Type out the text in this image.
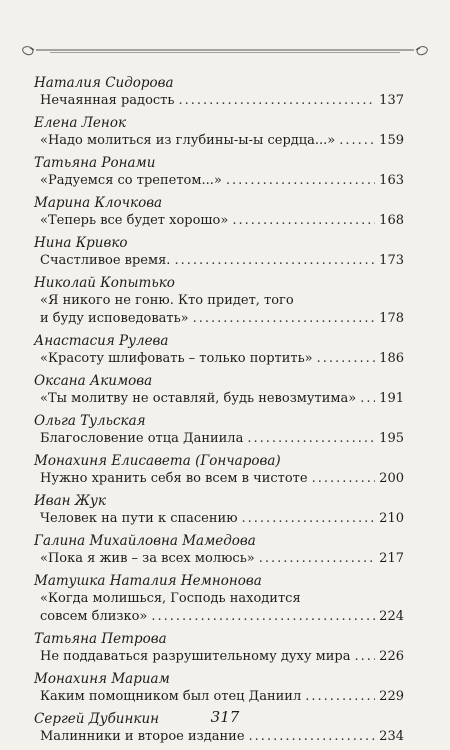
Наталия Сидорова
Нечаянная радость .....	137
Елена Ленок
«Надо молиться из глубины-ы-ы сердца...» .....	159
Татьяна Ронами
«Радуемся со трепетом...» .....	163
Марина Клочкова
«Теперь все будет хорошо» .....	168
Нина Кривко
Счастливое время. .....	173
Николай Копытько
«Я никого не гоню. Кто придет, того
и буду исповедовать» .....	178
Анастасия Рулева
«Красоту шлифовать – только портить» .....	186
Оксана Акимова
«Ты молитву не оставляй, будь невозмутима» ..... 191
Ольга Тульская
Благословение отца Даниила .....	195
Монахиня Елисавета (Гончарова)
Нужно хранить себя во всем в чистоте .....	200
Иван Жук
Человек на пути к спасению .....	210
Галина Михайловна Мамедова
«Пока я жив – за всех молюсь» .....	217
Матушка Наталия Немнонова
«Когда молишься, Господь находится
совсем близко» .....	224
Татьяна Петрова
Не поддаваться разрушительному духу мира ..... 226
Монахиня Мариам
Каким помощником был отец Даниил .....	229
Сергей Дубинкин
Малинники и второе издание .....	234
317
